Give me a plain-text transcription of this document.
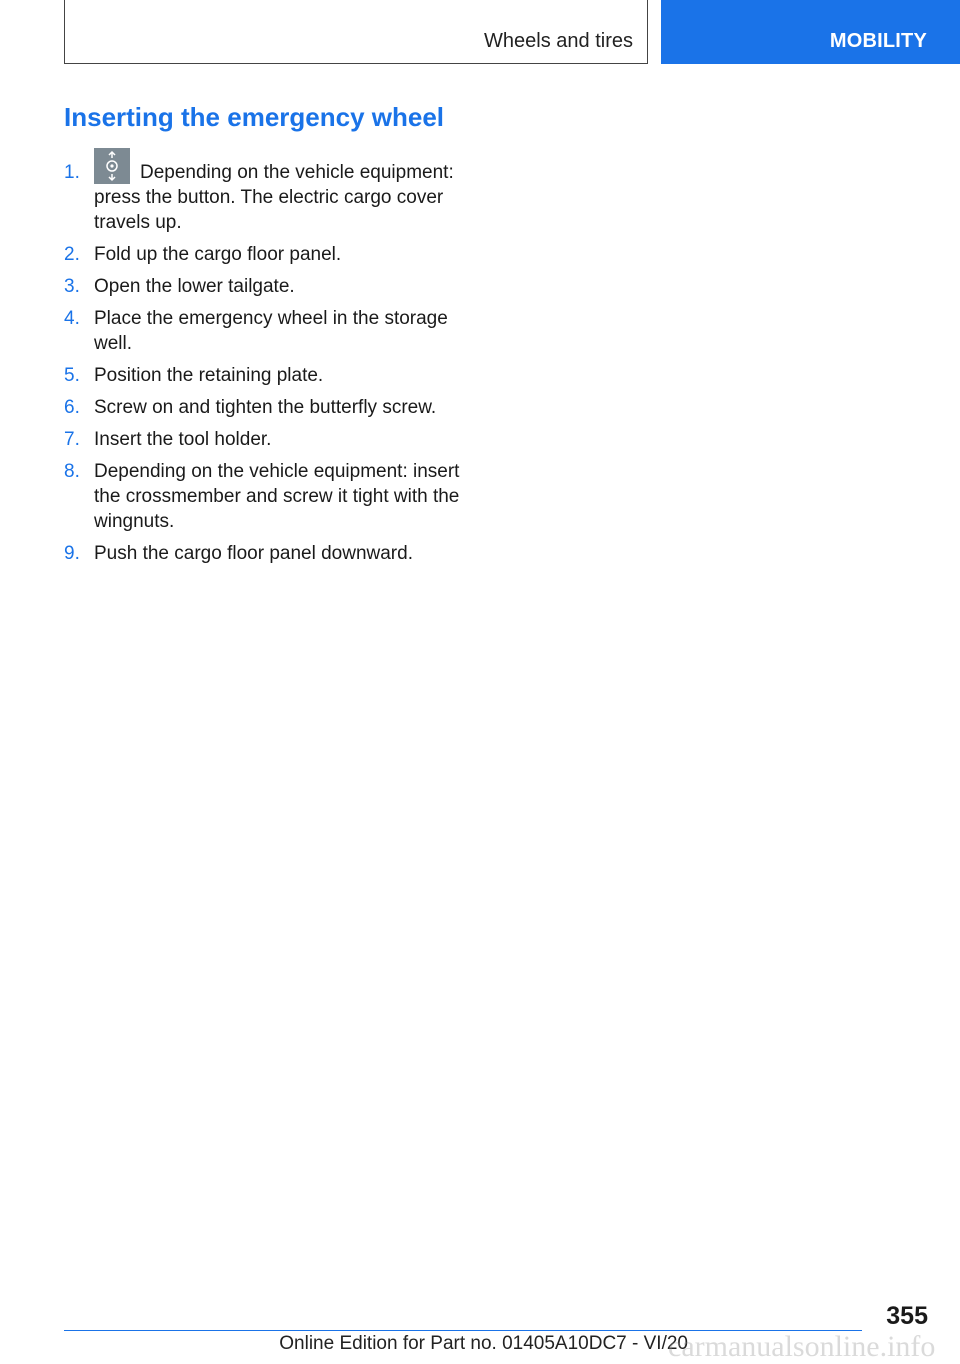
Wheels and tires	MOBILITY
Inserting the emergency wheel
1.	Depending on the vehicle equipment: press the button. The electric cargo cover travels up.
2. Fold up the cargo floor panel.
3. Open the lower tailgate.
4. Place the emergency wheel in the storage well.
5. Position the retaining plate.
6. Screw on and tighten the butterfly screw.
7. Insert the tool holder.
8. Depending on the vehicle equipment: insert the crossmember and screw it tight with the wingnuts.
9. Push the cargo floor panel downward.
355
Online Edition for Part no. 01405A10DC7 - VI/20
carmanualsonline.info
